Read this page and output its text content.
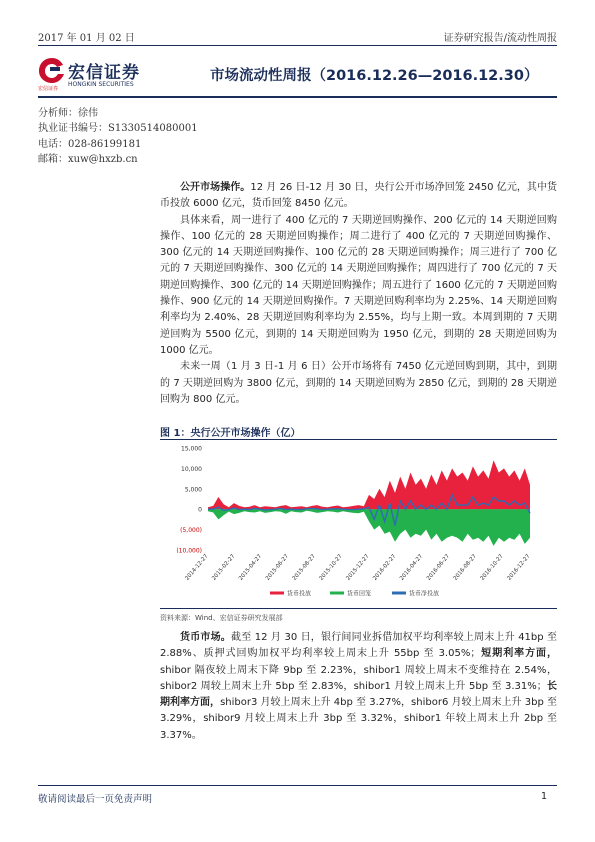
2017 年 01 月 02 日	证券研究报告/流动性周报
宏信证券
HONGKIN SECURITIES
宏信证券
市场流动性周报（2016.12.26—2016.12.30）
分析师：徐伟
执业证书编号：S1330514080001
电话：028-86199181
邮箱：xuw@hxzb.cn

公开市场操作。12 月 26 日-12 月 30 日，央行公开市场净回笼 2450 亿元，其中货币投放 6000 亿元，货币回笼 8450 亿元。

具体来看，周一进行了 400 亿元的 7 天期逆回购操作、200 亿元的 14 天期逆回购操作、100 亿元的 28 天期逆回购操作；周二进行了 400 亿元的 7 天期逆回购操作、300 亿元的 14 天期逆回购操作、100 亿元的 28 天期逆回购操作；周三进行了 700 亿元的 7 天期逆回购操作、300 亿元的 14 天期逆回购操作；周四进行了 700 亿元的 7 天期逆回购操作、300 亿元的 14 天期逆回购操作；周五进行了 1600 亿元的 7 天期逆回购操作、900 亿元的 14 天期逆回购操作。7 天期逆回购利率均为 2.25%、14 天期逆回购利率均为 2.40%、28 天期逆回购利率均为 2.55%，均与上期一致。本周到期的 7 天期逆回购为 5500 亿元，到期的 14 天期逆回购为 1950 亿元，到期的 28 天期逆回购为 1000 亿元。

未来一周（1 月 3 日-1 月 6 日）公开市场将有 7450 亿元逆回购到期，其中，到期的 7 天期逆回购为 3800 亿元，到期的 14 天期逆回购为 2850 亿元，到期的 28 天期逆回购为 800 亿元。

图 1：央行公开市场操作（亿）
15,000
10,000
5,000
0
(5,000)
(10,000)
2014-12-27 2015-02-27 2015-04-27 2015-06-27 2015-08-27 2015-10-27 2015-12-27 2016-02-27 2016-04-27 2016-06-27 2016-08-27 2016-10-27 2016-12-27
货币投放	货币回笼	货币净投放
资料来源：Wind、宏信证券研究发展部

货币市场。截至 12 月 30 日，银行间同业拆借加权平均利率较上周末上升 41bp 至 2.88%、质押式回购加权平均利率较上周末上升 55bp 至 3.05%；短期利率方面，shibor 隔夜较上周末下降 9bp 至 2.23%，shibor1 周较上周末不变维持在 2.54%，shibor2 周较上周末上升 5bp 至 2.83%，shibor1 月较上周末上升 5bp 至 3.31%；长期利率方面，shibor3 月较上周末上升 4bp 至 3.27%，shibor6 月较上周末上升 3bp 至 3.29%，shibor9 月较上周末上升 3bp 至 3.32%，shibor1 年较上周末上升 2bp 至 3.37%。

敬请阅读最后一页免责声明	1
